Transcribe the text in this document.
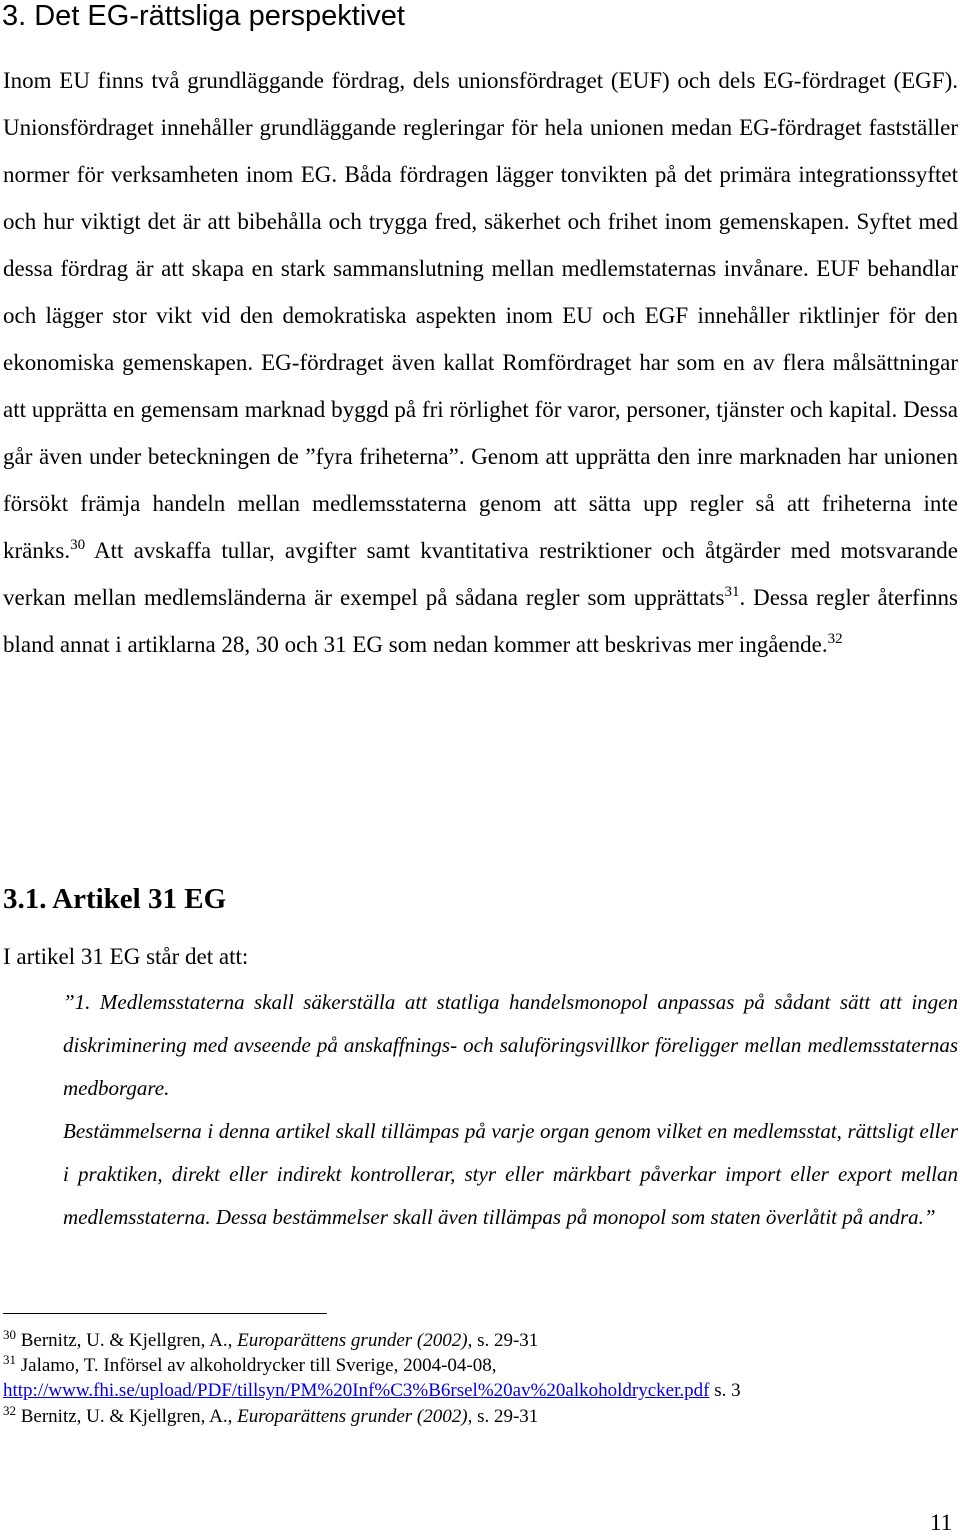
3. Det EG-rättsliga perspektivet

Inom EU finns två grundläggande fördrag, dels unionsfördraget (EUF) och dels EG-fördraget (EGF). Unionsfördraget innehåller grundläggande regleringar för hela unionen medan EG-fördraget fastställer normer för verksamheten inom EG. Båda fördragen lägger tonvikten på det primära integrationssyftet och hur viktigt det är att bibehålla och trygga fred, säkerhet och frihet inom gemenskapen. Syftet med dessa fördrag är att skapa en stark sammanslutning mellan medlemstaternas invånare. EUF behandlar och lägger stor vikt vid den demokratiska aspekten inom EU och EGF innehåller riktlinjer för den ekonomiska gemenskapen. EG-fördraget även kallat Romfördraget har som en av flera målsättningar att upprätta en gemensam marknad byggd på fri rörlighet för varor, personer, tjänster och kapital. Dessa går även under beteckningen de ”fyra friheterna”. Genom att upprätta den inre marknaden har unionen försökt främja handeln mellan medlemsstaterna genom att sätta upp regler så att friheterna inte kränks.$^{30}$ Att avskaffa tullar, avgifter samt kvantitativa restriktioner och åtgärder med motsvarande verkan mellan medlemsländerna är exempel på sådana regler som upprättats$^{31}$. Dessa regler återfinns bland annat i artiklarna 28, 30 och 31 EG som nedan kommer att beskrivas mer ingående.$^{32}$

3.1. Artikel 31 EG

I artikel 31 EG står det att:

”1. Medlemsstaterna skall säkerställa att statliga handelsmonopol anpassas på sådant sätt att ingen diskriminering med avseende på anskaffnings- och saluföringsvillkor föreligger mellan medlemsstaternas medborgare.

Bestämmelserna i denna artikel skall tillämpas på varje organ genom vilket en medlemsstat, rättsligt eller i praktiken, direkt eller indirekt kontrollerar, styr eller märkbart påverkar import eller export mellan medlemsstaterna. Dessa bestämmelser skall även tillämpas på monopol som staten överlåtit på andra.”

$^{30}$ Bernitz, U. & Kjellgren, A., Europarättens grunder (2002), s. 29-31

$^{31}$ Jalamo, T. Införsel av alkoholdrycker till Sverige, 2004-04-08,

http://www.fhi.se/upload/PDF/tillsyn/PM%20Inf%C3%B6rsel%20av%20alkoholdrycker.pdf s. 3

$^{32}$ Bernitz, U. & Kjellgren, A., Europarättens grunder (2002), s. 29-31

11
